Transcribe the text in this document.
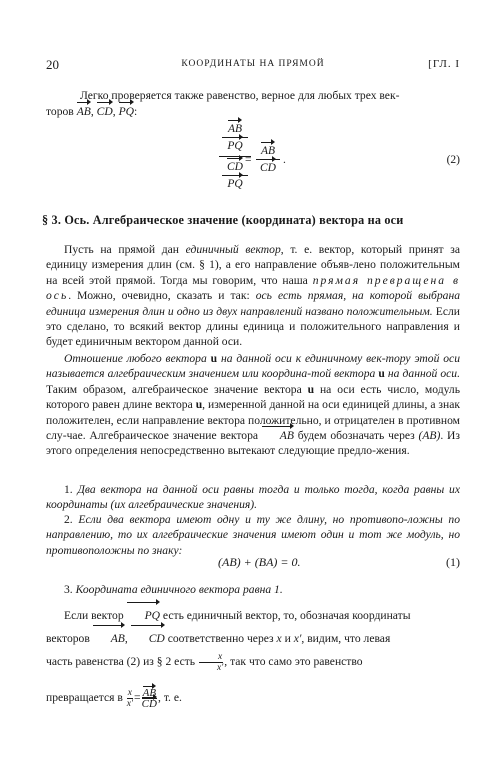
20	КООРДИНАТЫ НА ПРЯМОЙ	[ГЛ. I
Легко проверяется также равенство, верное для любых трех век-
торов AB, CD, PQ:
AB
PQ
CD
PQ
=
AB
CD
.	(2)
§ 3. Ось. Алгебраическое значение (координата) вектора на оси
Пусть на прямой дан единичный вектор, т. е. вектор, который принят за единицу измерения длин (см. § 1), а его направление объяв-лено положительным на всей этой прямой. Тогда мы говорим, что наша прямая превращена в ось. Можно, очевидно, сказать и так: ось есть прямая, на которой выбрана единица измерения длин и одно из двух направлений названо положительным. Если это сделано, то всякий вектор длины единица и положительного направления и будет единичным вектором данной оси.
Отношение любого вектора u на данной оси к единичному век-тору этой оси называется алгебраическим значением или координа-той вектора u на данной оси. Таким образом, алгебраическое значение вектора u на оси есть число, модуль которого равен длине вектора u, измеренной данной на оси единицей длины, а знак положителен, если направление вектора положительно, и отрицателен в противном слу-чае. Алгебраическое значение вектора AB будем обозначать через (AB). Из этого определения непосредственно вытекают следующие предло-жения.
1. Два вектора на данной оси равны тогда и только тогда, когда равны их координаты (их алгебраические значения).
2. Если два вектора имеют одну и ту же длину, но противопо-ложны по направлению, то их алгебраические значения имеют один и тот же модуль, но противоположны по знаку:
(AB) + (BA) = 0.	(1)
3. Координата единичного вектора равна 1.
Если вектор PQ есть единичный вектор, то, обозначая координаты
векторов AB, CD соответственно через x и x′, видим, что левая
часть равенства (2) из § 2 есть $\frac{x}{x'}$ , так что само это равенство
превращается в $\frac{x}{x'} = \frac{AB}{CD}$ , т. е.
